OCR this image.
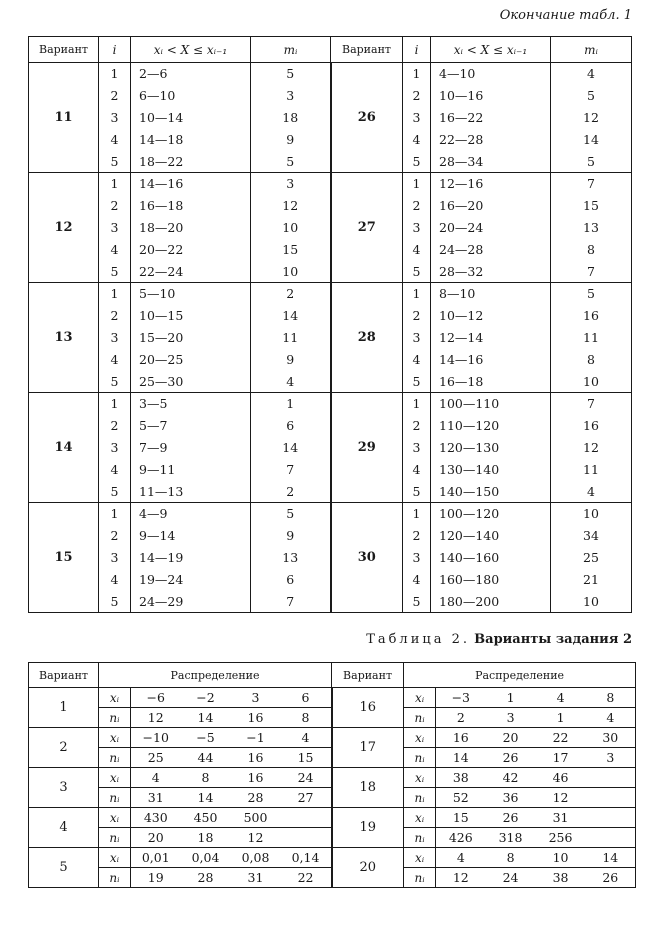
Окончание табл. 1
Вариант	i	xᵢ < X ≤ xᵢ₋₁	mᵢ	Вариант	i	xᵢ < X ≤ xᵢ₋₁	mᵢ
11	1	2—6	5	26	1	4—10	4
	2	6—10	3		2	10—16	5
	3	10—14	18		3	16—22	12
	4	14—18	9		4	22—28	14
	5	18—22	5		5	28—34	5
12	1	14—16	3	27	1	12—16	7
	2	16—18	12		2	16—20	15
	3	18—20	10		3	20—24	13
	4	20—22	15		4	24—28	8
	5	22—24	10		5	28—32	7
13	1	5—10	2	28	1	8—10	5
	2	10—15	14		2	10—12	16
	3	15—20	11		3	12—14	11
	4	20—25	9		4	14—16	8
	5	25—30	4		5	16—18	10
14	1	3—5	1	29	1	100—110	7
	2	5—7	6		2	110—120	16
	3	7—9	14		3	120—130	12
	4	9—11	7		4	130—140	11
	5	11—13	2		5	140—150	4
15	1	4—9	5	30	1	100—120	10
	2	9—14	9		2	120—140	34
	3	14—19	13		3	140—160	25
	4	19—24	6		4	160—180	21
	5	24—29	7		5	180—200	10
Таблица 2. Варианты задания 2
Вариант	Распределение					Вариант	Распределение				
1	xᵢ	−6	−2	3	6	16	xᵢ	−3	1	4	8
	nᵢ	12	14	16	8		nᵢ	2	3	1	4
2	xᵢ	−10	−5	−1	4	17	xᵢ	16	20	22	30
	nᵢ	25	44	16	15		nᵢ	14	26	17	3
3	xᵢ	4	8	16	24	18	xᵢ	38	42	46	
	nᵢ	31	14	28	27		nᵢ	52	36	12	
4	xᵢ	430	450	500		19	xᵢ	15	26	31	
	nᵢ	20	18	12			nᵢ	426	318	256	
5	xᵢ	0,01	0,04	0,08	0,14	20	xᵢ	4	8	10	14
	nᵢ	19	28	31	22		nᵢ	12	24	38	26
